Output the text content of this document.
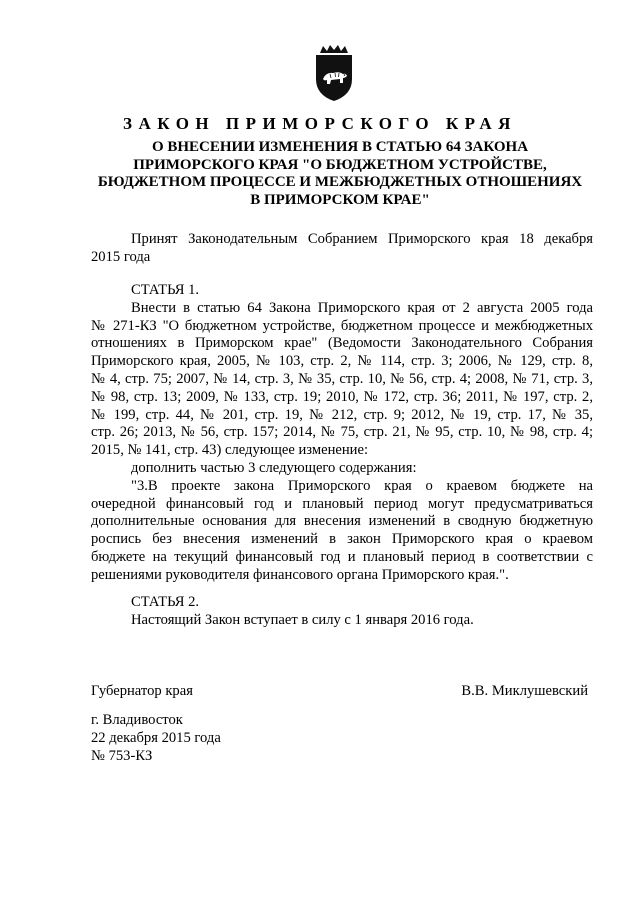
ЗАКОН ПРИМОРСКОГО КРАЯ
О ВНЕСЕНИИ ИЗМЕНЕНИЯ В СТАТЬЮ 64 ЗАКОНА
ПРИМОРСКОГО КРАЯ "О БЮДЖЕТНОМ УСТРОЙСТВЕ,
БЮДЖЕТНОМ ПРОЦЕССЕ И МЕЖБЮДЖЕТНЫХ ОТНОШЕНИЯХ
В ПРИМОРСКОМ КРАЕ"
Принят Законодательным Собранием Приморского края 18 декабря
2015 года
СТАТЬЯ 1.
Внести в статью 64 Закона Приморского края от 2 августа 2005 года
№ 271-КЗ "О бюджетном устройстве, бюджетном процессе и межбюджетных
отношениях в Приморском крае" (Ведомости Законодательного Собрания
Приморского края, 2005, № 103, стр. 2, № 114, стр. 3; 2006, № 129, стр. 8,
№ 4, стр. 75; 2007, № 14, стр. 3, № 35, стр. 10, № 56, стр. 4; 2008, № 71, стр. 3,
№ 98, стр. 13; 2009, № 133, стр. 19; 2010, № 172, стр. 36; 2011, № 197, стр. 2,
№ 199, стр. 44, № 201, стр. 19, № 212, стр. 9; 2012, № 19, стр. 17, № 35,
стр. 26; 2013, № 56, стр. 157; 2014, № 75, стр. 21, № 95, стр. 10, № 98, стр. 4;
2015, № 141, стр. 43) следующее изменение:
дополнить частью 3 следующего содержания:
"3.В проекте закона Приморского края о краевом бюджете на
очередной финансовый год и плановый период могут предусматриваться
дополнительные основания для внесения изменений в сводную бюджетную
роспись без внесения изменений в закон Приморского края о краевом
бюджете на текущий финансовый год и плановый период в соответствии с
решениями руководителя финансового органа Приморского края.".
СТАТЬЯ 2.
Настоящий Закон вступает в силу с 1 января 2016 года.
Губернатор края	В.В. Миклушевский
г. Владивосток
22 декабря 2015 года
№ 753-КЗ
